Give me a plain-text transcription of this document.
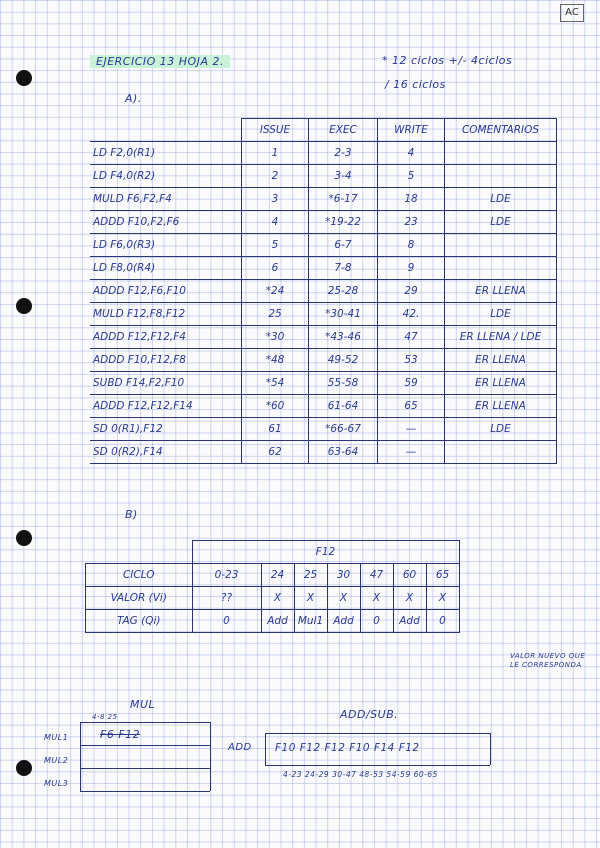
AC
EJERCICIO 13 HOJA 2.	* 12 ciclos +/- 4ciclos
/ 16 ciclos
A).
	ISSUE	EXEC	WRITE	COMENTARIOS
LD F2,0(R1)	1	2-3	4	
LD F4,0(R2)	2	3-4	5	
MULD F6,F2,F4	3	*6-17	18	LDE
ADDD F10,F2,F6	4	*19-22	23	LDE
LD F6,0(R3)	5	6-7	8	
LD F8,0(R4)	6	7-8	9	
ADDD F12,F6,F10	*24	25-28	29	ER LLENA
MULD F12,F8,F12	25	*30-41	42.	LDE
ADDD F12,F12,F4	*30	*43-46	47	ER LLENA / LDE
ADDD F10,F12,F8	*48	49-52	53	ER LLENA
SUBD F14,F2,F10	*54	55-58	59	ER LLENA
ADDD F12,F12,F14	*60	61-64	65	ER LLENA
SD 0(R1),F12	61	*66-67	—	LDE
SD 0(R2),F14	62	63-64	—	
B)
	F12						
CICLO	0-23	24	25	30	47	60	65
VALOR (Vi)	??	X	X	X	X	X	X
TAG (Qi)	0	Add	Mul1	Add	0	Add	0
VALOR NUEVO QUE LE CORRESPONDA
MUL
4-8 25
MUL1
MUL2
MUL3
F6 F12
ADD/SUB.
ADD F10 F12 F12 F10 F14 F12
4-23 24-29 30-47 48-53 54-59 60-65
